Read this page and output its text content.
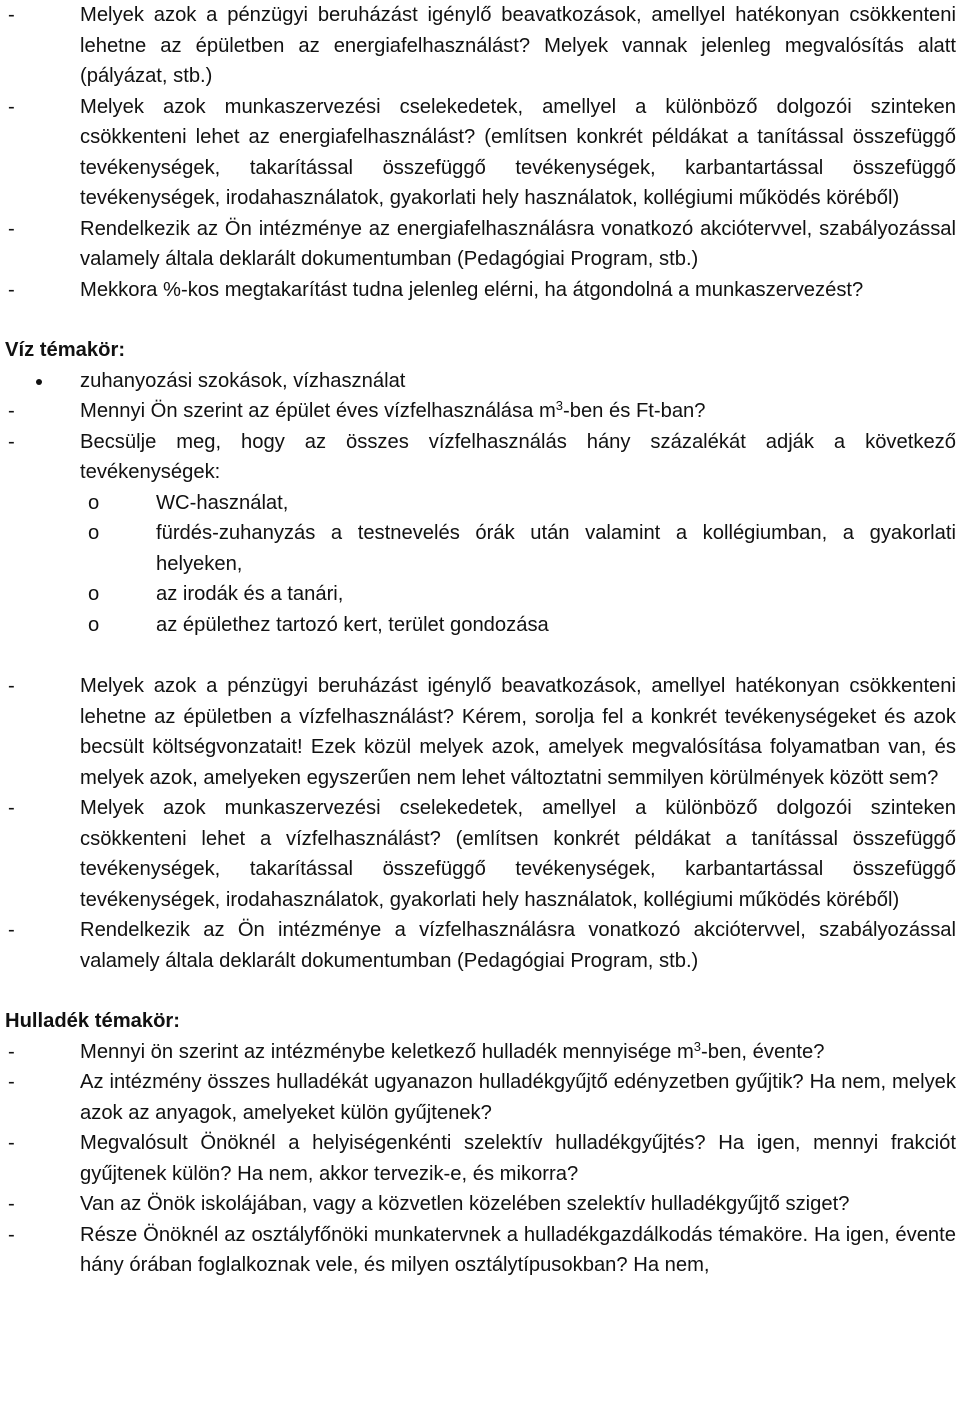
-	Melyek azok a pénzügyi beruházást igénylő beavatkozások, amellyel hatékonyan csökkenteni lehetne az épületben az energiafelhasználást? Melyek vannak jelenleg megvalósítás alatt (pályázat, stb.)
-	Melyek azok munkaszervezési cselekedetek, amellyel a különböző dolgozói szinteken csökkenteni lehet az energiafelhasználást? (említsen konkrét példákat a tanítással összefüggő tevékenységek, takarítással összefüggő tevékenységek, karbantartással összefüggő tevékenységek, irodahasználatok, gyakorlati hely használatok, kollégiumi működés köréből)
-	Rendelkezik az Ön intézménye az energiafelhasználásra vonatkozó akciótervvel, szabályozással valamely általa deklarált dokumentumban (Pedagógiai Program, stb.)
-	Mekkora %-kos megtakarítást tudna jelenleg elérni, ha átgondolná a munkaszervezést?
Víz témakör:
zuhanyozási szokások, vízhasználat
-	Mennyi Ön szerint az épület éves vízfelhasználása $m^3$-ben és Ft-ban?
-	Becsülje meg, hogy az összes vízfelhasználás hány százalékát adják a következő tevékenységek:
o	WC-használat,
o	fürdés-zuhanyzás a testnevelés órák után valamint a kollégiumban, a gyakorlati helyeken,
o	az irodák és a tanári,
o	az épülethez tartozó kert, terület gondozása
-	Melyek azok a pénzügyi beruházást igénylő beavatkozások, amellyel hatékonyan csökkenteni lehetne az épületben a vízfelhasználást? Kérem, sorolja fel a konkrét tevékenységeket és azok becsült költségvonzatait! Ezek közül melyek azok, amelyek megvalósítása folyamatban van, és melyek azok, amelyeken egyszerűen nem lehet változtatni semmilyen körülmények között sem?
-	Melyek azok munkaszervezési cselekedetek, amellyel a különböző dolgozói szinteken csökkenteni lehet a vízfelhasználást? (említsen konkrét példákat a tanítással összefüggő tevékenységek, takarítással összefüggő tevékenységek, karbantartással összefüggő tevékenységek, irodahasználatok, gyakorlati hely használatok, kollégiumi működés köréből)
-	Rendelkezik az Ön intézménye a vízfelhasználásra vonatkozó akciótervvel, szabályozással valamely általa deklarált dokumentumban (Pedagógiai Program, stb.)
Hulladék témakör:
-	Mennyi ön szerint az intézménybe keletkező hulladék mennyisége $m^3$-ben, évente?
-	Az intézmény összes hulladékát ugyanazon hulladékgyűjtő edényzetben gyűjtik? Ha nem, melyek azok az anyagok, amelyeket külön gyűjtenek?
-	Megvalósult Önöknél a helyiségenkénti szelektív hulladékgyűjtés? Ha igen, mennyi frakciót gyűjtenek külön? Ha nem, akkor tervezik-e, és mikorra?
-	Van az Önök iskolájában, vagy a közvetlen közelében szelektív hulladékgyűjtő sziget?
-	Része Önöknél az osztályfőnöki munkatervnek a hulladékgazdálkodás témaköre. Ha igen, évente hány órában foglalkoznak vele, és milyen osztálytípusokban? Ha nem,
